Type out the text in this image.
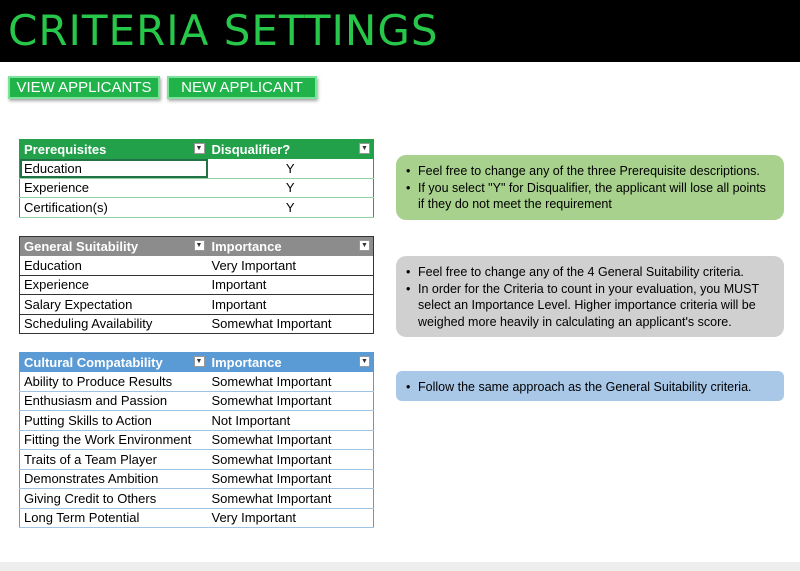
CRITERIA SETTINGS
VIEW APPLICANTS	NEW APPLICANT
Prerequisites ▼	Disqualifier? ▼

Education	Y
Experience	Y
Certification(s)	Y
General Suitability ▼	Importance ▼

Education	Very Important
Experience	Important
Salary Expectation	Important
Scheduling Availability	Somewhat Important
Cultural Compatability ▼	Importance ▼

Ability to Produce Results	Somewhat Important
Enthusiasm and Passion	Somewhat Important
Putting Skills to Action	Not Important
Fitting the Work Environment	Somewhat Important
Traits of a Team Player	Somewhat Important
Demonstrates Ambition	Somewhat Important
Giving Credit to Others	Somewhat Important
Long Term Potential	Very Important
• Feel free to change any of the three Prerequisite descriptions.
• If you select "Y" for Disqualifier, the applicant will lose all points if they do not meet the requirement
• Feel free to change any of the 4 General Suitability criteria.
• In order for the Criteria to count in your evaluation, you MUST select an Importance Level. Higher importance criteria will be weighed more heavily in calculating an applicant's score.
• Follow the same approach as the General Suitability criteria.
